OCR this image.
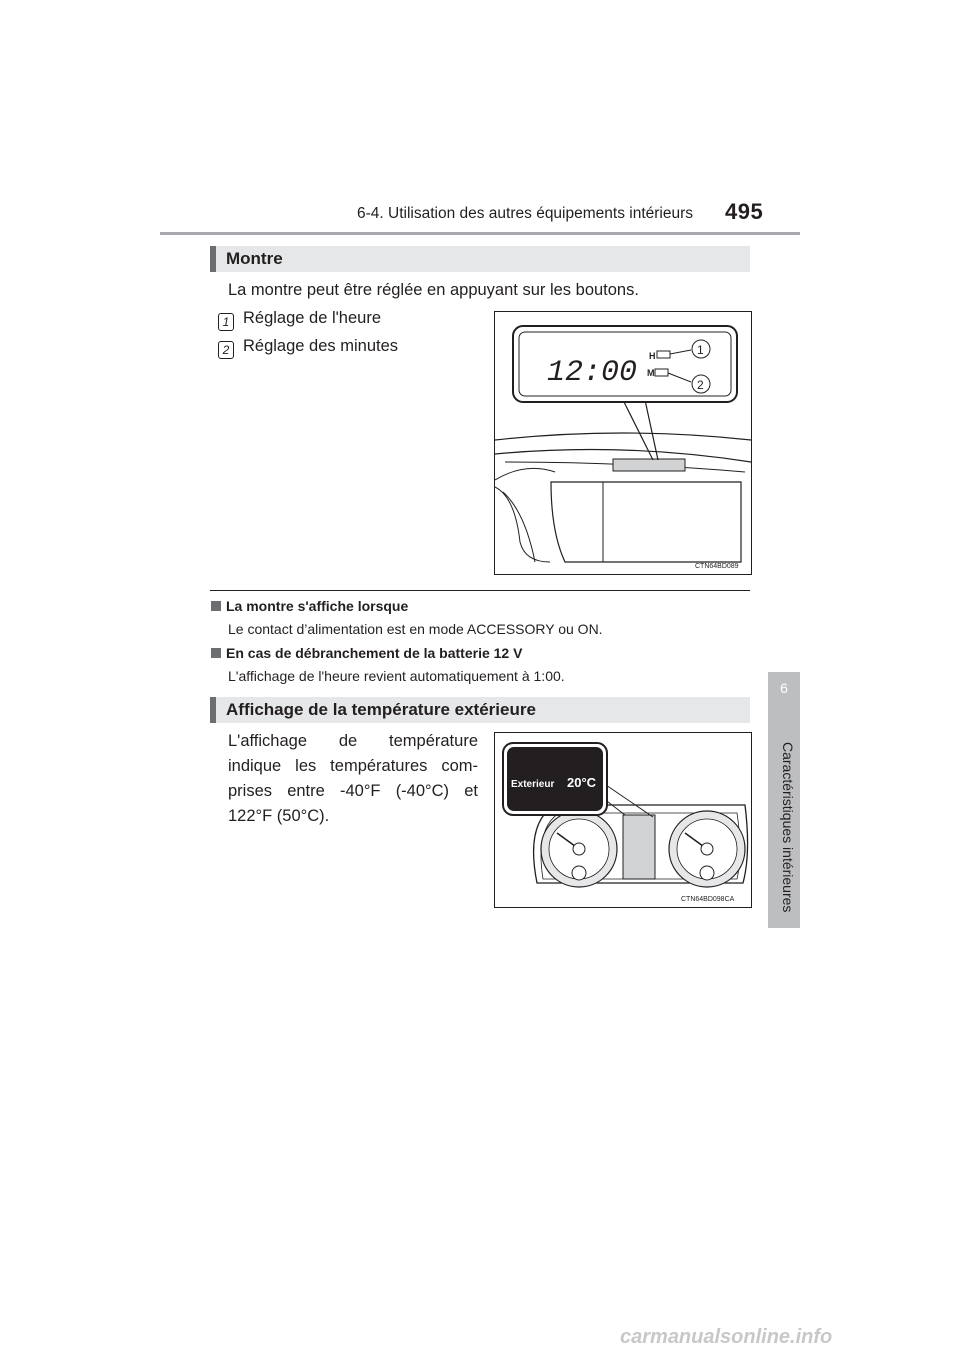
6-4. Utilisation des autres équipements intérieurs 495
6
Caractéristiques intérieures
Montre
La montre peut être réglée en appuyant sur les boutons.
1 Réglage de l'heure
2 Réglage des minutes
12:00 H
M
1
2
CTN64BD089
La montre s'affiche lorsque
Le contact d’alimentation est en mode ACCESSORY ou ON.
En cas de débranchement de la batterie 12 V
L'affichage de l'heure revient automatiquement à 1:00.
Affichage de la température extérieure
L'affichage de température
indique les températures com-
prises entre -40°F (-40°C) et
122°F (50°C).
Exterieur 20°C
CTN64BD098CA
carmanualsonline.info
